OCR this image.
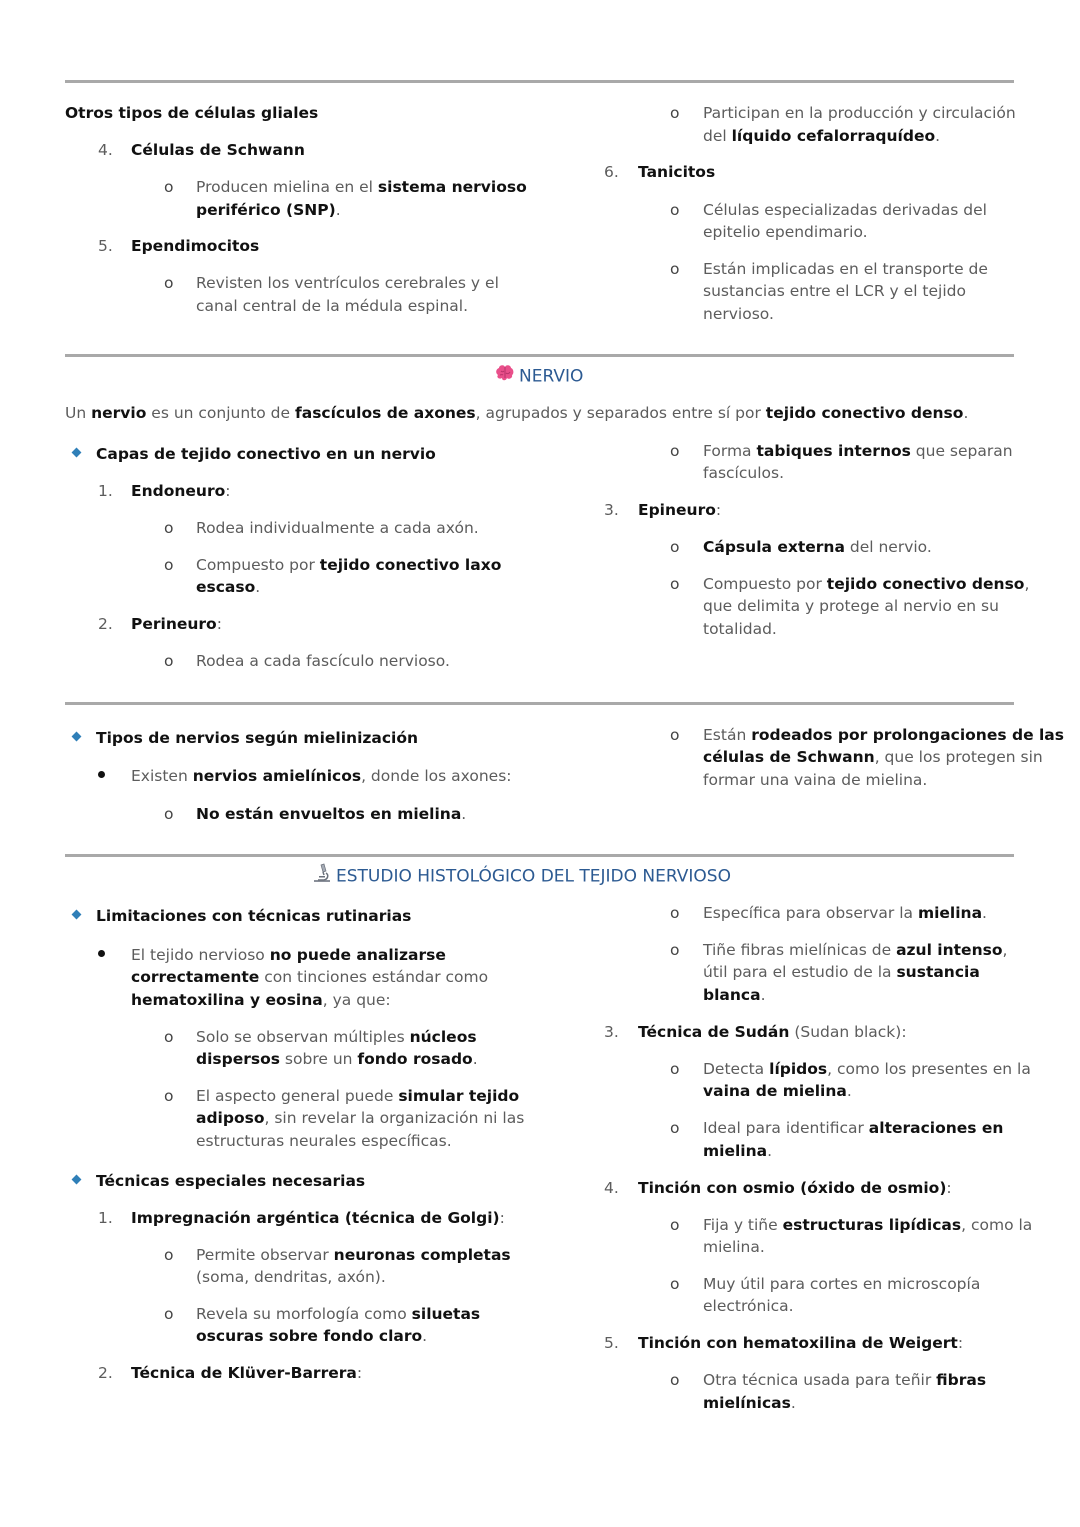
Otros tipos de células gliales
4. Células de Schwann
o Producen mielina en el sistema nervioso
periférico (SNP).
5. Ependimocitos
o Revisten los ventrículos cerebrales y el
canal central de la médula espinal.
o Participan en la producción y circulación
del líquido cefalorraquídeo.
6. Tanicitos
o Células especializadas derivadas del
epitelio ependimario.
o Están implicadas en el transporte de
sustancias entre el LCR y el tejido
nervioso.
NERVIO
Un nervio es un conjunto de fascículos de axones, agrupados y separados entre sí por tejido conectivo denso.
Capas de tejido conectivo en un nervio
1. Endoneuro:
o Rodea individualmente a cada axón.
o Compuesto por tejido conectivo laxo
escaso.
2. Perineuro:
o Rodea a cada fascículo nervioso.
o Forma tabiques internos que separan
fascículos.
3. Epineuro:
o Cápsula externa del nervio.
o Compuesto por tejido conectivo denso,
que delimita y protege al nervio en su
totalidad.
Tipos de nervios según mielinización
Existen nervios amielínicos, donde los axones:
o No están envueltos en mielina.
o Están rodeados por prolongaciones de las
células de Schwann, que los protegen sin
formar una vaina de mielina.
ESTUDIO HISTOLÓGICO DEL TEJIDO NERVIOSO
Limitaciones con técnicas rutinarias
El tejido nervioso no puede analizarse
correctamente con tinciones estándar como
hematoxilina y eosina, ya que:
o Solo se observan múltiples núcleos
dispersos sobre un fondo rosado.
o El aspecto general puede simular tejido
adiposo, sin revelar la organización ni las
estructuras neurales específicas.
Técnicas especiales necesarias
1. Impregnación argéntica (técnica de Golgi):
o Permite observar neuronas completas
(soma, dendritas, axón).
o Revela su morfología como siluetas
oscuras sobre fondo claro.
2. Técnica de Klüver-Barrera:
o Específica para observar la mielina.
o Tiñe fibras mielínicas de azul intenso,
útil para el estudio de la sustancia
blanca.
3. Técnica de Sudán (Sudan black):
o Detecta lípidos, como los presentes en la
vaina de mielina.
o Ideal para identificar alteraciones en
mielina.
4. Tinción con osmio (óxido de osmio):
o Fija y tiñe estructuras lipídicas, como la
mielina.
o Muy útil para cortes en microscopía
electrónica.
5. Tinción con hematoxilina de Weigert:
o Otra técnica usada para teñir fibras
mielínicas.
